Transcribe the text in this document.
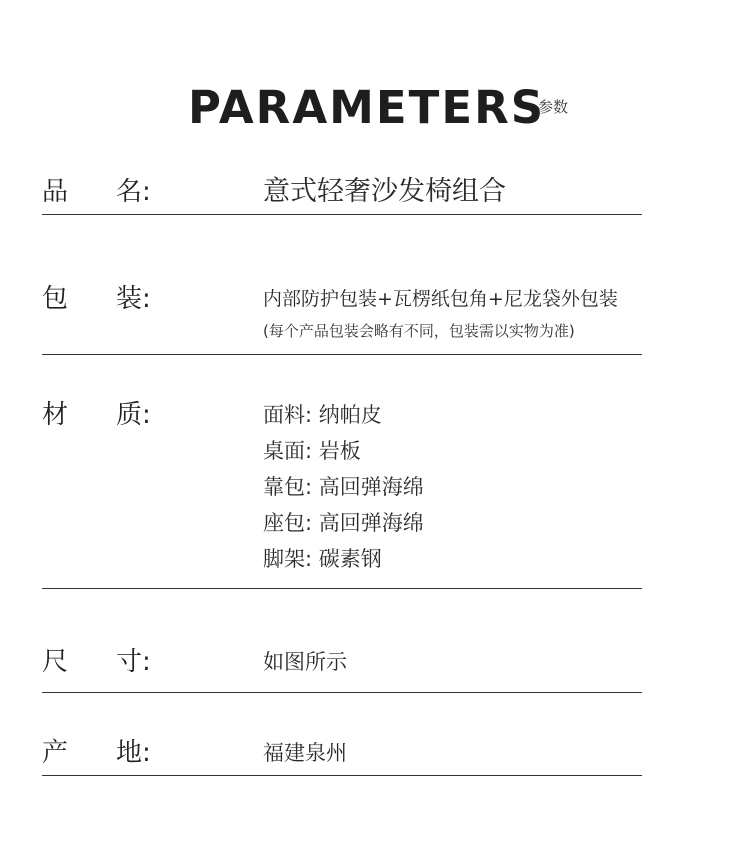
PARAMETERS
参数
品 名:	意式轻奢沙发椅组合
包 装:	内部防护包装+瓦楞纸包角+尼龙袋外包装
(每个产品包装会略有不同，包装需以实物为准)
材 质:	面料: 纳帕皮
桌面: 岩板
靠包: 高回弹海绵
座包: 高回弹海绵
脚架: 碳素钢
尺 寸:	如图所示
产 地:	福建泉州
